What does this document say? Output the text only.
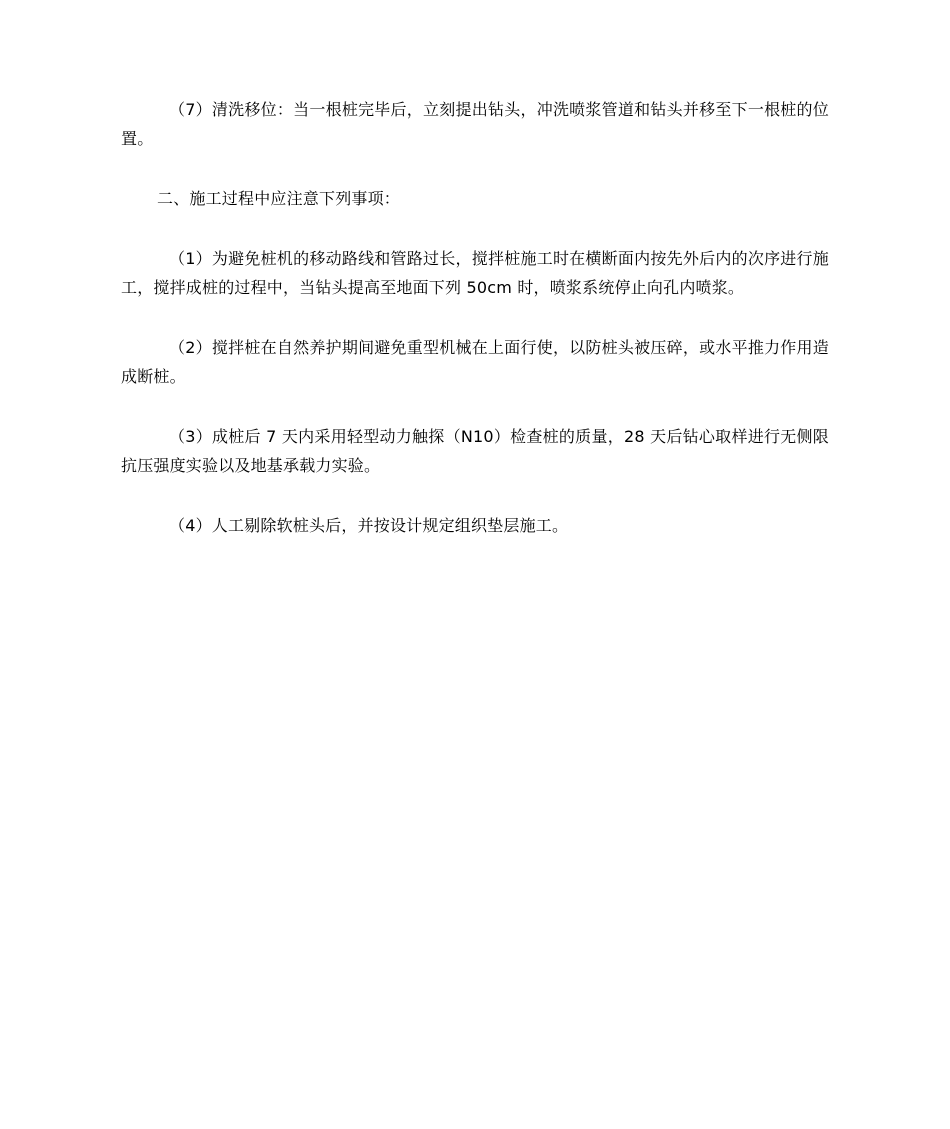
（7）清洗移位：当一根桩完毕后，立刻提出钻头，冲洗喷浆管道和钻头并移至下一根桩的位置。

二、施工过程中应注意下列事项：

（1）为避免桩机的移动路线和管路过长，搅拌桩施工时在横断面内按先外后内的次序进行施工，搅拌成桩的过程中，当钻头提高至地面下列 50cm 时，喷浆系统停止向孔内喷浆。

（2）搅拌桩在自然养护期间避免重型机械在上面行使，以防桩头被压碎，或水平推力作用造成断桩。

（3）成桩后 7 天内采用轻型动力触探（N10）检查桩的质量，28 天后钻心取样进行无侧限抗压强度实验以及地基承载力实验。

（4）人工剔除软桩头后，并按设计规定组织垫层施工。
